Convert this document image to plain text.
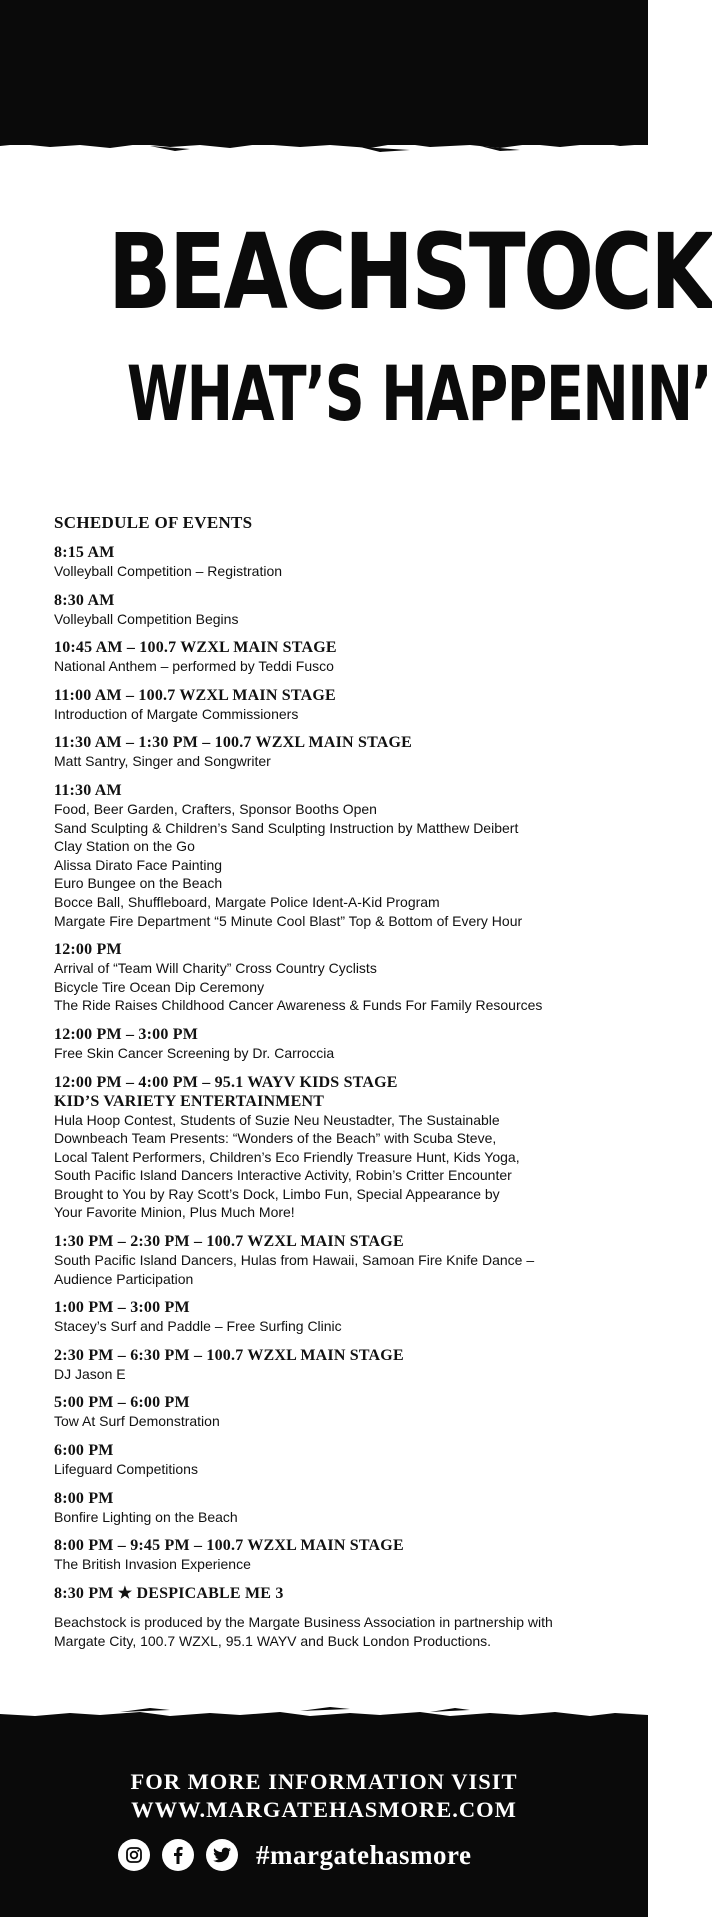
BEACHSTOCK
WHAT’S HAPPENIN’
SCHEDULE OF EVENTS
8:15 AM
Volleyball Competition – Registration
8:30 AM
Volleyball Competition Begins
10:45 AM – 100.7 WZXL MAIN STAGE
National Anthem – performed by Teddi Fusco
11:00 AM – 100.7 WZXL MAIN STAGE
Introduction of Margate Commissioners
11:30 AM – 1:30 PM – 100.7 WZXL MAIN STAGE
Matt Santry, Singer and Songwriter
11:30 AM
Food, Beer Garden, Crafters, Sponsor Booths Open
Sand Sculpting & Children’s Sand Sculpting Instruction by Matthew Deibert
Clay Station on the Go
Alissa Dirato Face Painting
Euro Bungee on the Beach
Bocce Ball, Shuffleboard, Margate Police Ident-A-Kid Program
Margate Fire Department “5 Minute Cool Blast” Top & Bottom of Every Hour
12:00 PM
Arrival of “Team Will Charity” Cross Country Cyclists
Bicycle Tire Ocean Dip Ceremony
The Ride Raises Childhood Cancer Awareness & Funds For Family Resources
12:00 PM – 3:00 PM
Free Skin Cancer Screening by Dr. Carroccia
12:00 PM – 4:00 PM – 95.1 WAYV KIDS STAGE
KID’S VARIETY ENTERTAINMENT
Hula Hoop Contest, Students of Suzie Neu Neustadter, The Sustainable
Downbeach Team Presents: “Wonders of the Beach” with Scuba Steve,
Local Talent Performers, Children’s Eco Friendly Treasure Hunt, Kids Yoga,
South Pacific Island Dancers Interactive Activity, Robin’s Critter Encounter
Brought to You by Ray Scott’s Dock, Limbo Fun, Special Appearance by
Your Favorite Minion, Plus Much More!
1:30 PM – 2:30 PM – 100.7 WZXL MAIN STAGE
South Pacific Island Dancers, Hulas from Hawaii, Samoan Fire Knife Dance –
Audience Participation
1:00 PM – 3:00 PM
Stacey’s Surf and Paddle – Free Surfing Clinic
2:30 PM – 6:30 PM – 100.7 WZXL MAIN STAGE
DJ Jason E
5:00 PM – 6:00 PM
Tow At Surf Demonstration
6:00 PM
Lifeguard Competitions
8:00 PM
Bonfire Lighting on the Beach
8:00 PM – 9:45 PM – 100.7 WZXL MAIN STAGE
The British Invasion Experience
8:30 PM ★ DESPICABLE ME 3
Beachstock is produced by the Margate Business Association in partnership with
Margate City, 100.7 WZXL, 95.1 WAYV and Buck London Productions.
FOR MORE INFORMATION VISIT
WWW.MARGATEHASMORE.COM
#margatehasmore
